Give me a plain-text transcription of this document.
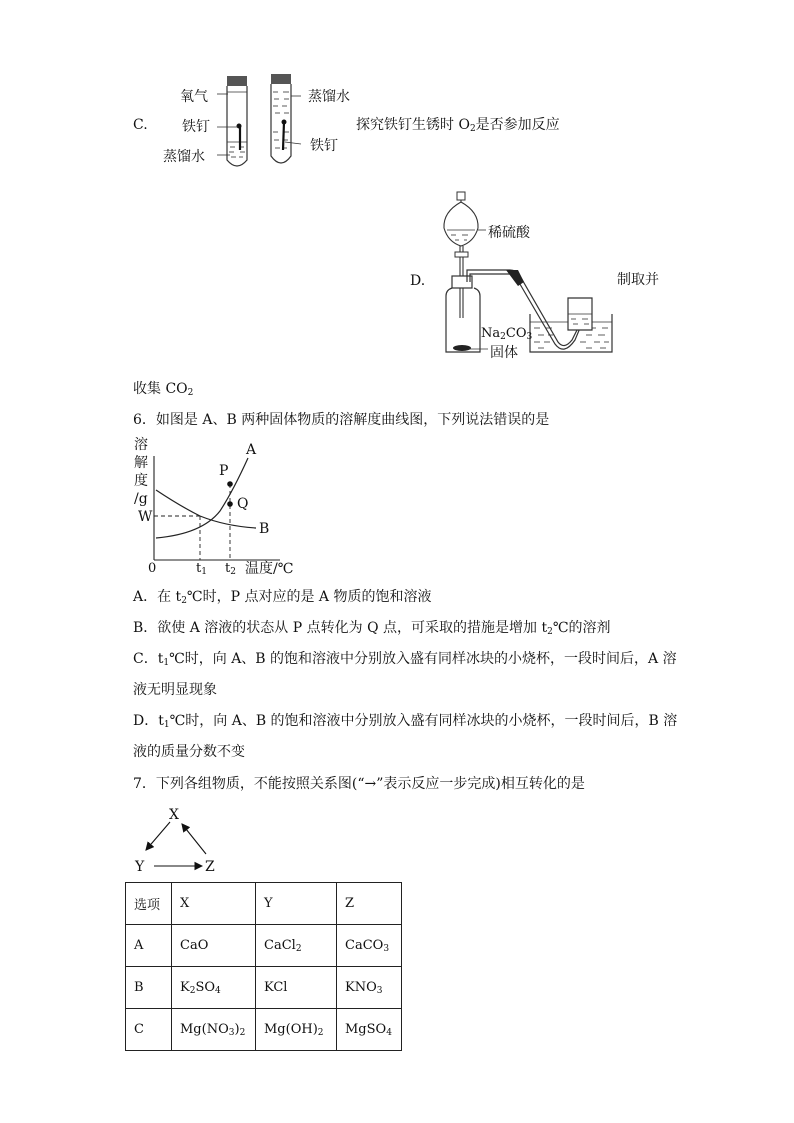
C.
氧气
铁钉
蒸馏水
蒸馏水
铁钉
探究铁钉生锈时 $O_2$是否参加反应
D.
稀硫酸
$Na_2CO_3$
固体
制取并
收集 $CO_2$
6．如图是 A、B 两种固体物质的溶解度曲线图，下列说法错误的是
溶
解
度
/g
W
A
B
P
Q
0	$t_1$ $t_2$ 温度/℃
A．在 $t_2℃$时，P 点对应的是 A 物质的饱和溶液
B．欲使 A 溶液的状态从 P 点转化为 Q 点，可采取的措施是增加 $t_2℃$的溶剂
C．$t_1℃$时，向 A、B 的饱和溶液中分别放入盛有同样冰块的小烧杯，一段时间后，A 溶
液无明显现象
D．$t_1℃$时，向 A、B 的饱和溶液中分别放入盛有同样冰块的小烧杯，一段时间后，B 溶
液的质量分数不变
7．下列各组物质，不能按照关系图(“→”表示反应一步完成)相互转化的是
X
Y	Z
选项	X	Y	Z
A	CaO	CaCl$_2$	CaCO$_3$
B	$K_2SO_4$	KCl	$KNO_3$
C	$Mg(NO_3)_2$	$Mg(OH)_2$	MgSO$_4$
